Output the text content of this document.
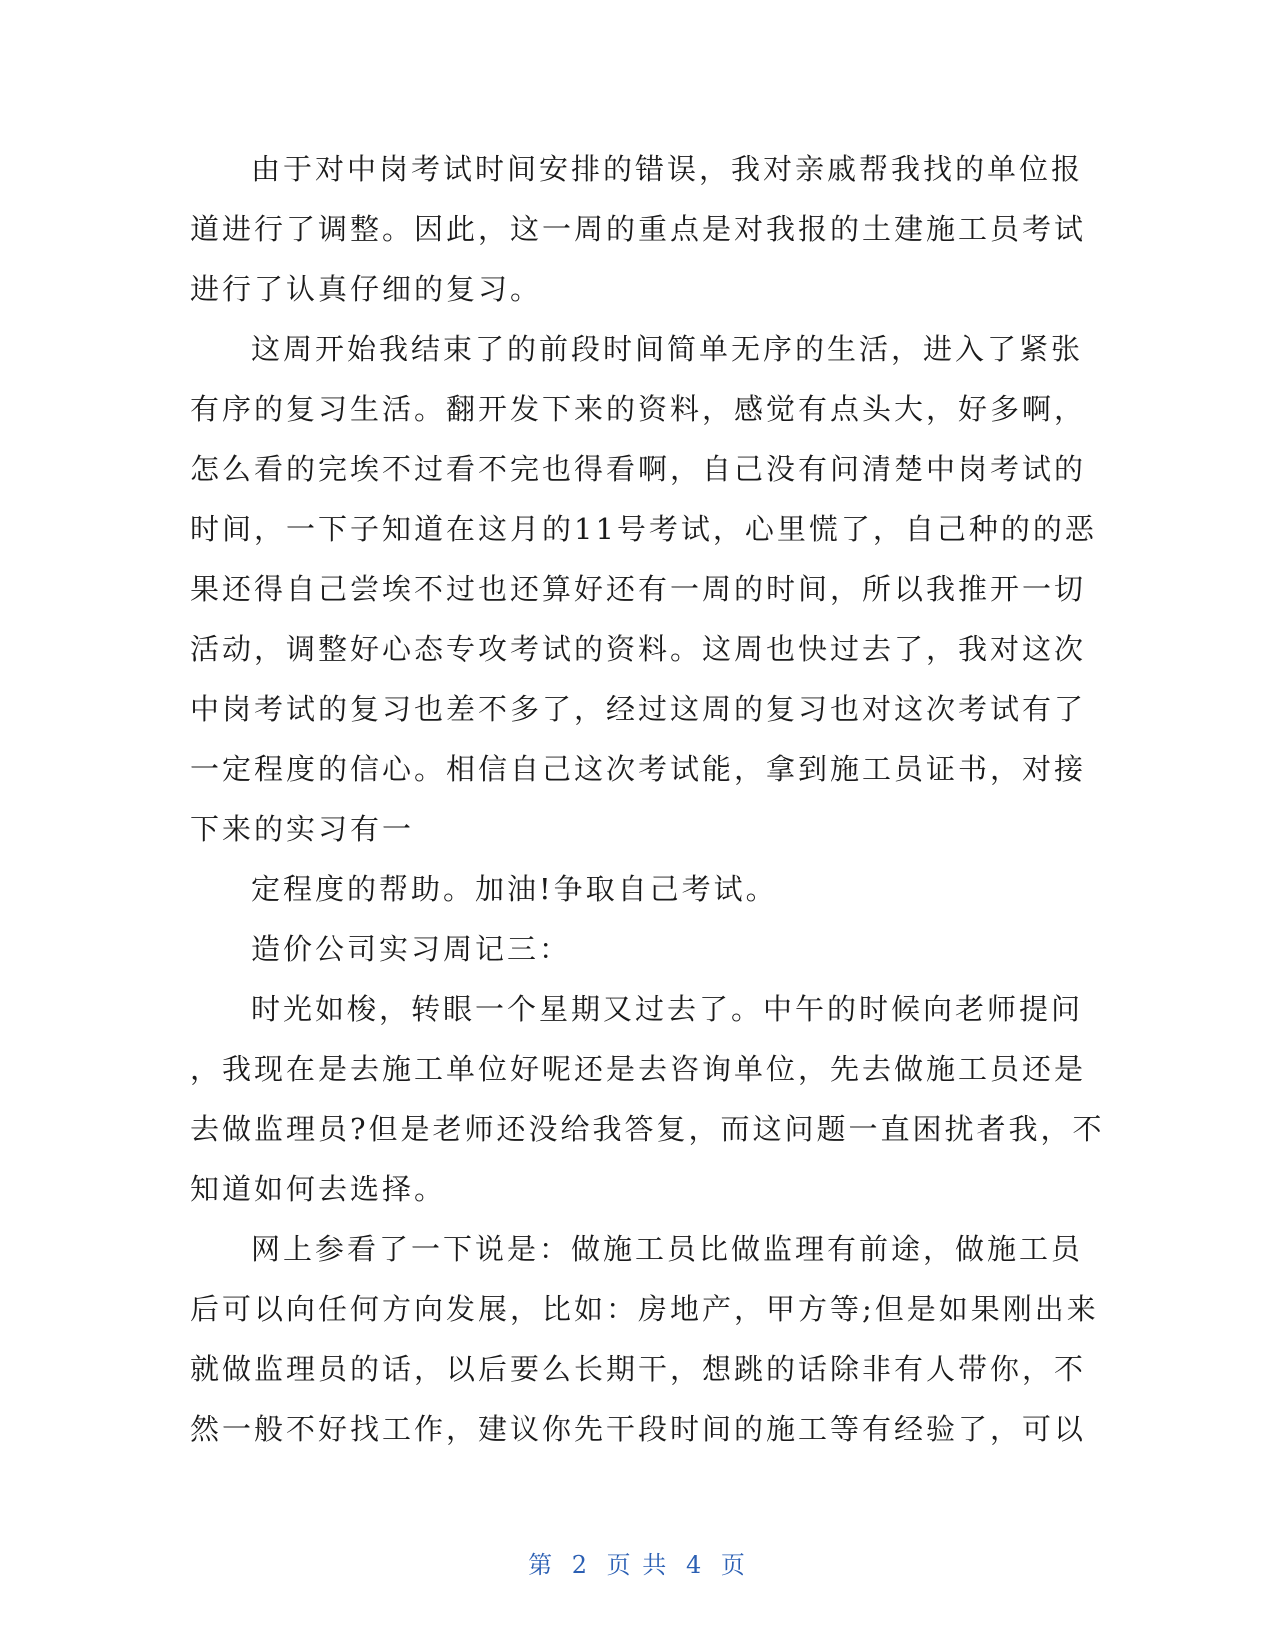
由于对中岗考试时间安排的错误，我对亲戚帮我找的单位报
道进行了调整。因此，这一周的重点是对我报的土建施工员考试
进行了认真仔细的复习。
这周开始我结束了的前段时间简单无序的生活，进入了紧张
有序的复习生活。翻开发下来的资料，感觉有点头大，好多啊，
怎么看的完埃不过看不完也得看啊，自己没有问清楚中岗考试的
时间，一下子知道在这月的11号考试，心里慌了，自己种的的恶
果还得自己尝埃不过也还算好还有一周的时间，所以我推开一切
活动，调整好心态专攻考试的资料。这周也快过去了，我对这次
中岗考试的复习也差不多了，经过这周的复习也对这次考试有了
一定程度的信心。相信自己这次考试能，拿到施工员证书，对接
下来的实习有一
定程度的帮助。加油!争取自己考试。
造价公司实习周记三：
时光如梭，转眼一个星期又过去了。中午的时候向老师提问
，我现在是去施工单位好呢还是去咨询单位，先去做施工员还是
去做监理员?但是老师还没给我答复，而这问题一直困扰者我，不
知道如何去选择。
网上参看了一下说是：做施工员比做监理有前途，做施工员
后可以向任何方向发展，比如：房地产，甲方等;但是如果刚出来
就做监理员的话，以后要么长期干，想跳的话除非有人带你，不
然一般不好找工作，建议你先干段时间的施工等有经验了，可以
第 2 页 共 4 页
